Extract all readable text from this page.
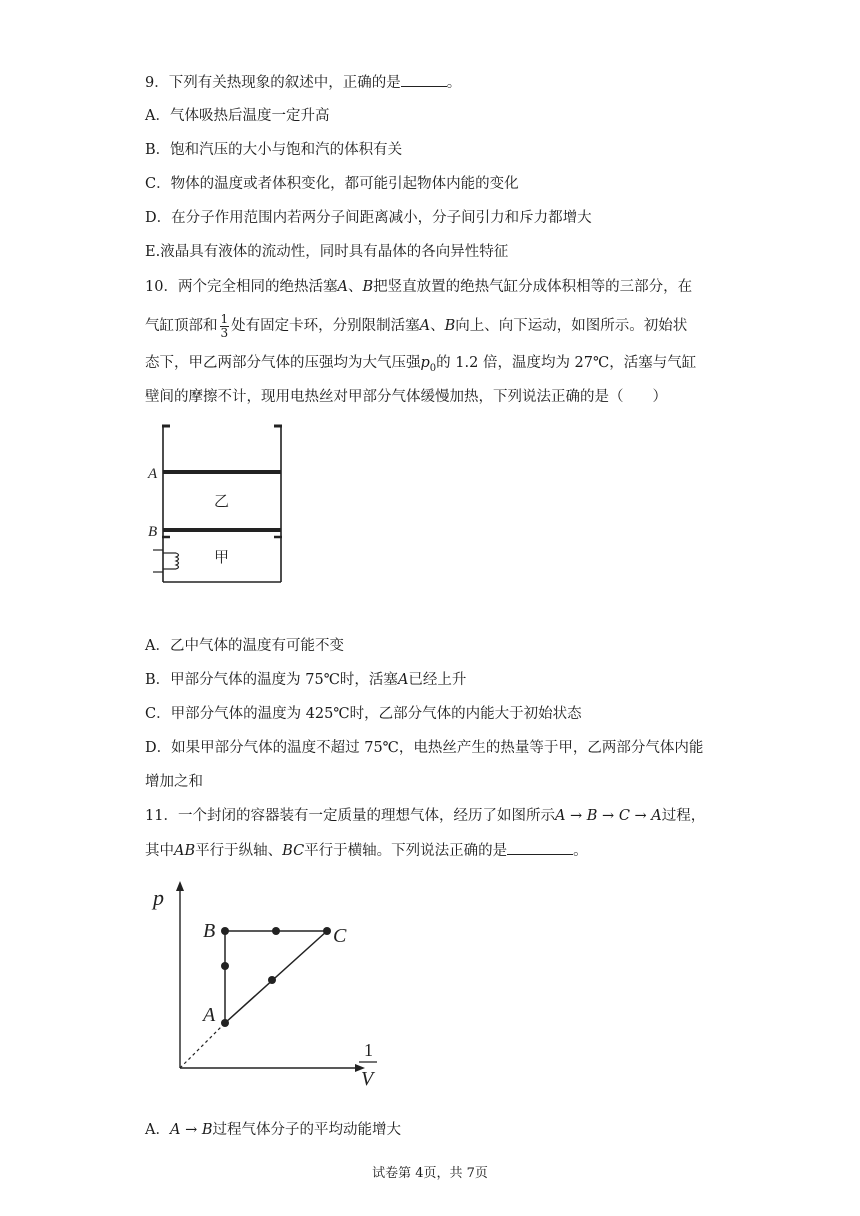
9．下列有关热现象的叙述中，正确的是	。
A．气体吸热后温度一定升高
B．饱和汽压的大小与饱和汽的体积有关
C．物体的温度或者体积变化，都可能引起物体内能的变化
D．在分子作用范围内若两分子间距离减小，分子间引力和斥力都增大
E.液晶具有液体的流动性，同时具有晶体的各向异性特征
10．两个完全相同的绝热活塞A、B把竖直放置的绝热气缸分成体积相等的三部分，在
气缸顶部和 $\frac{1}{3}$ 处有固定卡环，分别限制活塞A、B向上、向下运动，如图所示。初始状
态下，甲乙两部分气体的压强均为大气压强$p_0$的 1.2 倍，温度均为 27℃，活塞与气缸
壁间的摩擦不计，现用电热丝对甲部分气体缓慢加热，下列说法正确的是（　　）
A
B
乙
甲
A．乙中气体的温度有可能不变
B．甲部分气体的温度为 75℃时，活塞A已经上升
C．甲部分气体的温度为 425℃时，乙部分气体的内能大于初始状态
D．如果甲部分气体的温度不超过 75℃，电热丝产生的热量等于甲，乙两部分气体内能
增加之和
11．一个封闭的容器装有一定质量的理想气体，经历了如图所示A → B → C → A过程，
其中AB平行于纵轴、BC平行于横轴。下列说法正确的是	。
p
B	C
A
1
V
A．A → B过程气体分子的平均动能增大
试卷第 4页，共 7页
